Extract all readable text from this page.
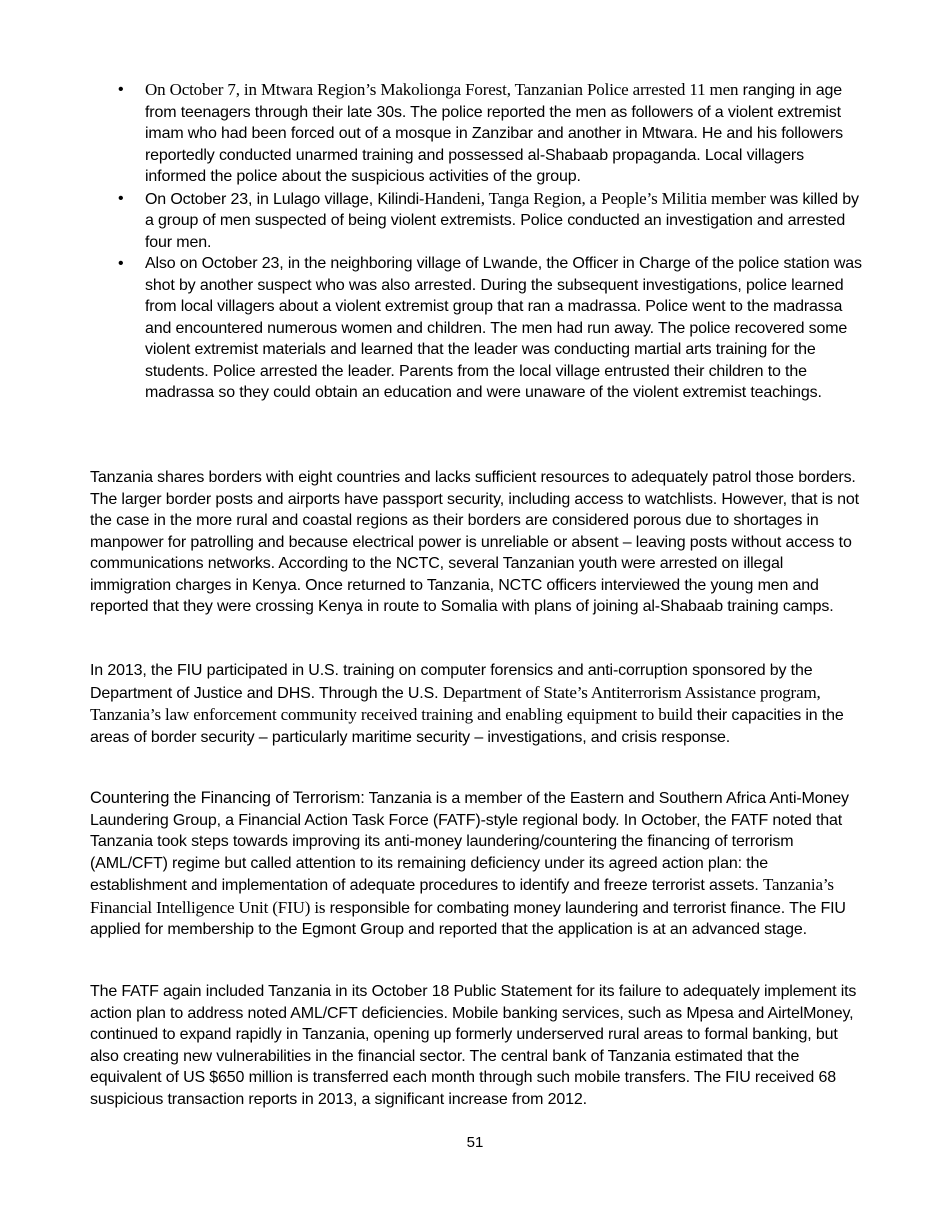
• On October 7, in Mtwara Region’s Makolionga Forest, Tanzanian Police arrested 11 men ranging in age from teenagers through their late 30s. The police reported the men as followers of a violent extremist imam who had been forced out of a mosque in Zanzibar and another in Mtwara. He and his followers reportedly conducted unarmed training and possessed al-Shabaab propaganda. Local villagers informed the police about the suspicious activities of the group.
• On October 23, in Lulago village, Kilindi-Handeni, Tanga Region, a People’s Militia member was killed by a group of men suspected of being violent extremists. Police conducted an investigation and arrested four men.
• Also on October 23, in the neighboring village of Lwande, the Officer in Charge of the police station was shot by another suspect who was also arrested. During the subsequent investigations, police learned from local villagers about a violent extremist group that ran a madrassa. Police went to the madrassa and encountered numerous women and children. The men had run away. The police recovered some violent extremist materials and learned that the leader was conducting martial arts training for the students. Police arrested the leader. Parents from the local village entrusted their children to the madrassa so they could obtain an education and were unaware of the violent extremist teachings.

Tanzania shares borders with eight countries and lacks sufficient resources to adequately patrol those borders. The larger border posts and airports have passport security, including access to watchlists. However, that is not the case in the more rural and coastal regions as their borders are considered porous due to shortages in manpower for patrolling and because electrical power is unreliable or absent – leaving posts without access to communications networks. According to the NCTC, several Tanzanian youth were arrested on illegal immigration charges in Kenya. Once returned to Tanzania, NCTC officers interviewed the young men and reported that they were crossing Kenya in route to Somalia with plans of joining al-Shabaab training camps.

In 2013, the FIU participated in U.S. training on computer forensics and anti-corruption sponsored by the Department of Justice and DHS. Through the U.S. Department of State’s Antiterrorism Assistance program, Tanzania’s law enforcement community received training and enabling equipment to build their capacities in the areas of border security – particularly maritime security – investigations, and crisis response.

Countering the Financing of Terrorism: Tanzania is a member of the Eastern and Southern Africa Anti-Money Laundering Group, a Financial Action Task Force (FATF)-style regional body. In October, the FATF noted that Tanzania took steps towards improving its anti-money laundering/countering the financing of terrorism (AML/CFT) regime but called attention to its remaining deficiency under its agreed action plan: the establishment and implementation of adequate procedures to identify and freeze terrorist assets. Tanzania’s Financial Intelligence Unit (FIU) is responsible for combating money laundering and terrorist finance. The FIU applied for membership to the Egmont Group and reported that the application is at an advanced stage.

The FATF again included Tanzania in its October 18 Public Statement for its failure to adequately implement its action plan to address noted AML/CFT deficiencies. Mobile banking services, such as Mpesa and AirtelMoney, continued to expand rapidly in Tanzania, opening up formerly underserved rural areas to formal banking, but also creating new vulnerabilities in the financial sector. The central bank of Tanzania estimated that the equivalent of US $650 million is transferred each month through such mobile transfers. The FIU received 68 suspicious transaction reports in 2013, a significant increase from 2012.

51
